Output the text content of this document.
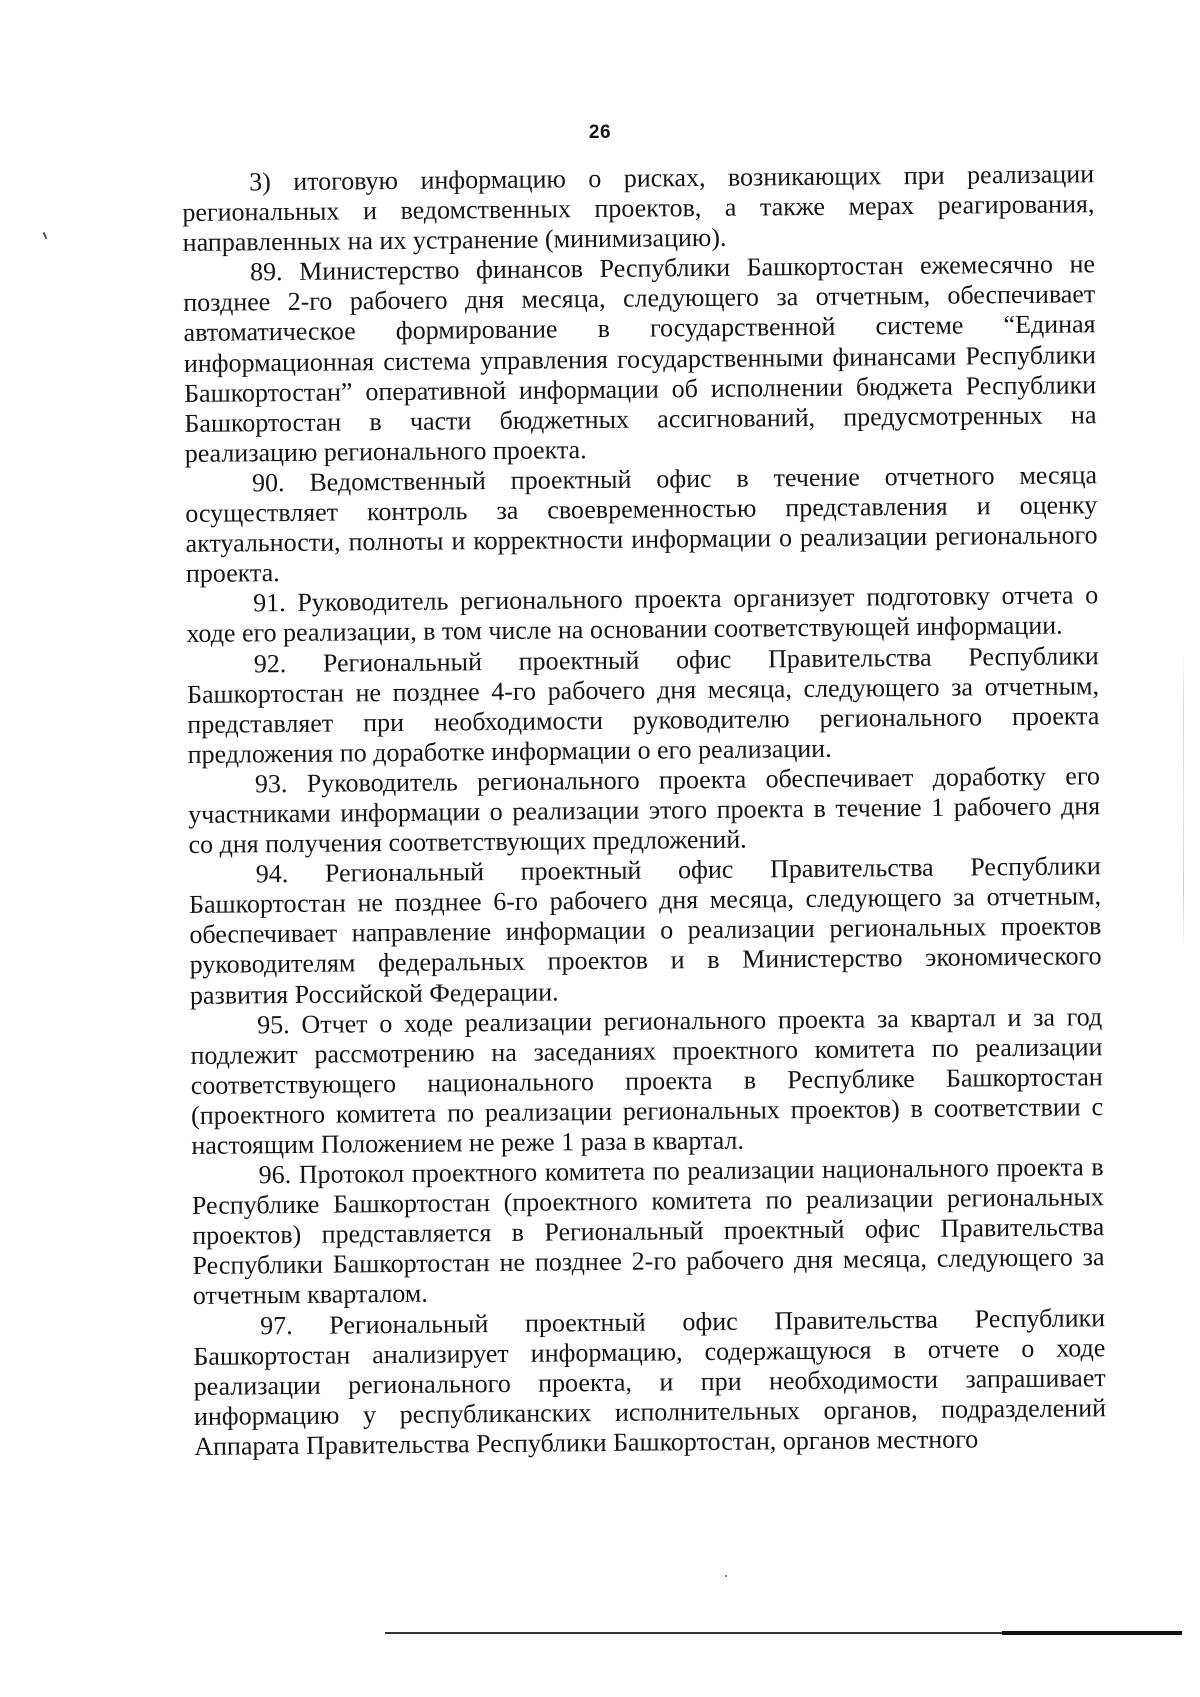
26

3) итоговую информацию о рисках, возникающих при реализации региональных и ведомственных проектов, а также мерах реагирования, направленных на их устранение (минимизацию).

89. Министерство финансов Республики Башкортостан ежемесячно не позднее 2-го рабочего дня месяца, следующего за отчетным, обеспечивает автоматическое формирование в государственной системе “Единая информационная система управления государственными финансами Республики Башкортостан” оперативной информации об исполнении бюджета Республики Башкортостан в части бюджетных ассигнований, предусмотренных на реализацию регионального проекта.

90. Ведомственный проектный офис в течение отчетного месяца осуществляет контроль за своевременностью представления и оценку актуальности, полноты и корректности информации о реализации регионального проекта.

91. Руководитель регионального проекта организует подготовку отчета о ходе его реализации, в том числе на основании соответствующей информации.

92. Региональный проектный офис Правительства Республики Башкортостан не позднее 4-го рабочего дня месяца, следующего за отчетным, представляет при необходимости руководителю регионального проекта предложения по доработке информации о его реализации.

93. Руководитель регионального проекта обеспечивает доработку его участниками информации о реализации этого проекта в течение 1 рабочего дня со дня получения соответствующих предложений.

94. Региональный проектный офис Правительства Республики Башкортостан не позднее 6-го рабочего дня месяца, следующего за отчетным, обеспечивает направление информации о реализации региональных проектов руководителям федеральных проектов и в Министерство экономического развития Российской Федерации.

95. Отчет о ходе реализации регионального проекта за квартал и за год подлежит рассмотрению на заседаниях проектного комитета по реализации соответствующего национального проекта в Республике Башкортостан (проектного комитета по реализации региональных проектов) в соответствии с настоящим Положением не реже 1 раза в квартал.

96. Протокол проектного комитета по реализации национального проекта в Республике Башкортостан (проектного комитета по реализации региональных проектов) представляется в Региональный проектный офис Правительства Республики Башкортостан не позднее 2-го рабочего дня месяца, следующего за отчетным кварталом.

97. Региональный проектный офис Правительства Республики Башкортостан анализирует информацию, содержащуюся в отчете о ходе реализации регионального проекта, и при необходимости запрашивает информацию у республиканских исполнительных органов, подразделений Аппарата Правительства Республики Башкортостан, органов местного
